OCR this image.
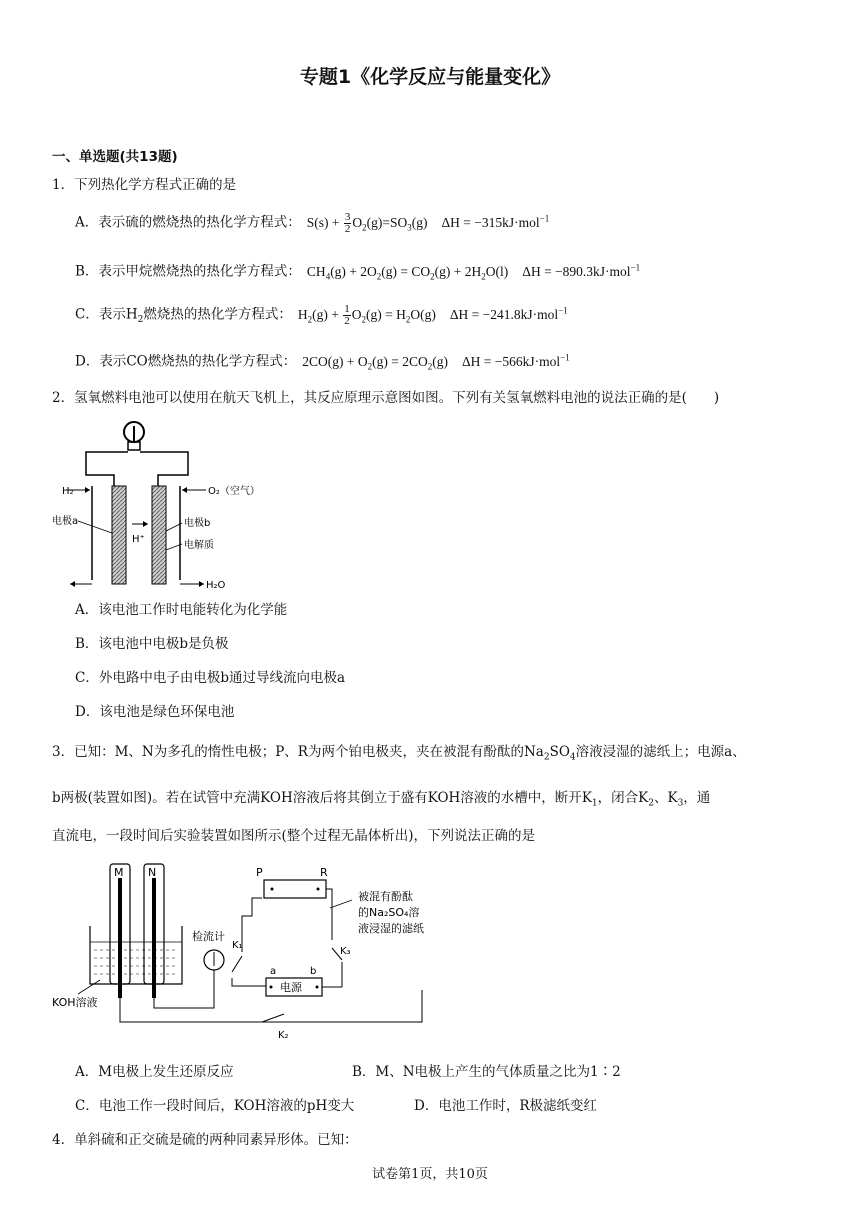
专题1《化学反应与能量变化》
一、单选题(共13题)
1．下列热化学方程式正确的是
A．表示硫的燃烧热的热化学方程式： $S(s) + \frac{3}{2} O_2(g)=SO_3(g) \Delta H = -315kJ\cdot mol^{-1}$
B．表示甲烷燃烧热的热化学方程式： $CH_4(g) + 2O_2(g) = CO_2(g) + 2H_2O(l) \Delta H = -890.3kJ\cdot mol^{-1}$
C．表示$H_2$燃烧热的热化学方程式： $H_2(g) + \frac{1}{2} O_2(g) = H_2O(g) \Delta H = -241.8kJ\cdot mol^{-1}$
D．表示CO燃烧热的热化学方程式： $2CO(g) + O_2(g) = 2CO_2(g) \Delta H = -566kJ\cdot mol^{-1}$
2．氢氧燃料电池可以使用在航天飞机上，其反应原理示意图如图。下列有关氢氧燃料电池的说法正确的是(　　)
H₂	O₂（空气）
电极a	电极b
H⁺
电解质
H₂O
A．该电池工作时电能转化为化学能
B．该电池中电极b是负极
C．外电路中电子由电极b通过导线流向电极a
D．该电池是绿色环保电池
3．已知：M、N为多孔的惰性电极；P、R为两个铂电极夹，夹在被混有酚酞的$Na_2SO_4$溶液浸湿的滤纸上；电源a、
b两极(装置如图)。若在试管中充满KOH溶液后将其倒立于盛有KOH溶液的水槽中，断开$K_1$，闭合$K_2$、$K_3$，通
直流电，一段时间后实验装置如图所示(整个过程无晶体析出)，下列说法正确的是
M N
KOH溶液
检流计
K₁
电源
a	b
P	R
K₃
K₂
被混有酚酞
的Na₂SO₄溶
液浸湿的滤纸
A．M电极上发生还原反应	B．M、N电极上产生的气体质量之比为1∶2
C．电池工作一段时间后，KOH溶液的pH变大	D．电池工作时，R极滤纸变红
4．单斜硫和正交硫是硫的两种同素异形体。已知：
试卷第1页，共10页
